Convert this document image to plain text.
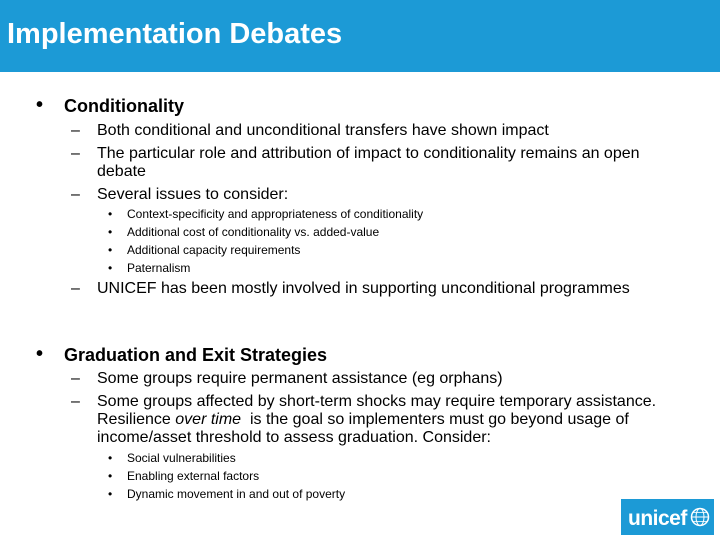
Implementation Debates
• Conditionality
– Both conditional and unconditional transfers have shown impact
– The particular role and attribution of impact to conditionality remains an open debate
– Several issues to consider:
• Context-specificity and appropriateness of conditionality
• Additional cost of conditionality vs. added-value
• Additional capacity requirements
• Paternalism
– UNICEF has been mostly involved in supporting unconditional programmes
• Graduation and Exit Strategies
– Some groups require permanent assistance (eg orphans)
– Some groups affected by short-term shocks may require temporary assistance. Resilience over time  is the goal so implementers must go beyond usage of income/asset threshold to assess graduation. Consider:
• Social vulnerabilities
• Enabling external factors
• Dynamic movement in and out of poverty
unicef
